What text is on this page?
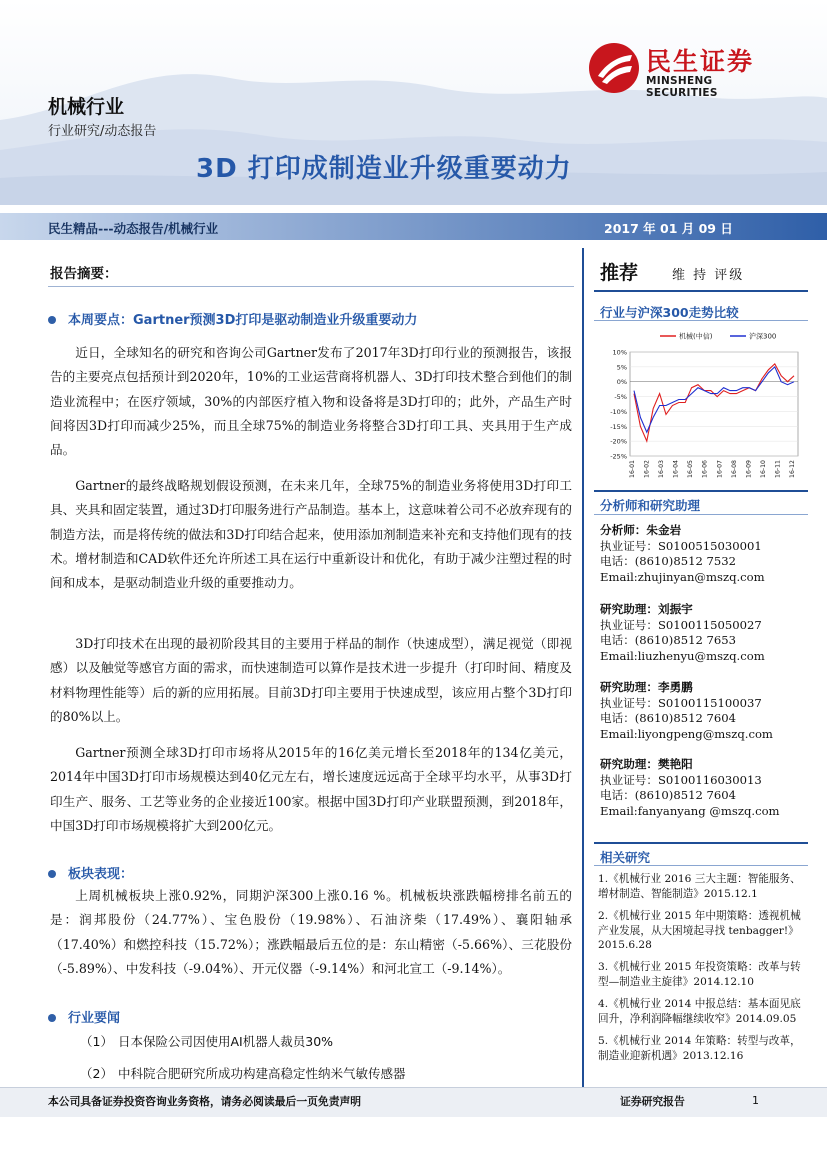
机械行业
行业研究/动态报告
3D 打印成制造业升级重要动力
民生证券
MINSHENG SECURITIES
民生精品---动态报告/机械行业	2017 年 01 月 09 日
报告摘要：
本周要点：Gartner预测3D打印是驱动制造业升级重要动力
近日，全球知名的研究和咨询公司Gartner发布了2017年3D打印行业的预测报告，该报告的主要亮点包括预计到2020年，10%的工业运营商将机器人、3D打印技术整合到他们的制造业流程中；在医疗领域，30%的内部医疗植入物和设备将是3D打印的；此外，产品生产时间将因3D打印而减少25%，而且全球75%的制造业务将整合3D打印工具、夹具用于生产成品。
Gartner的最终战略规划假设预测，在未来几年，全球75%的制造业务将使用3D打印工具、夹具和固定装置，通过3D打印服务进行产品制造。基本上，这意味着公司不必放弃现有的制造方法，而是将传统的做法和3D打印结合起来，使用添加剂制造来补充和支持他们现有的技术。增材制造和CAD软件还允许所述工具在运行中重新设计和优化，有助于减少注塑过程的时间和成本，是驱动制造业升级的重要推动力。
3D打印技术在出现的最初阶段其目的主要用于样品的制作（快速成型），满足视觉（即视感）以及触觉等感官方面的需求，而快速制造可以算作是技术进一步提升（打印时间、精度及材料物理性能等）后的新的应用拓展。目前3D打印主要用于快速成型，该应用占整个3D打印的80%以上。
Gartner预测全球3D打印市场将从2015年的16亿美元增长至2018年的134亿美元，2014年中国3D打印市场规模达到40亿元左右，增长速度远远高于全球平均水平，从事3D打印生产、服务、工艺等业务的企业接近100家。根据中国3D打印产业联盟预测，到2018年，中国3D打印市场规模将扩大到200亿元。
板块表现：
上周机械板块上涨0.92%，同期沪深300上涨0.16 %。机械板块涨跌幅榜排名前五的是：润邦股份（24.77%）、宝色股份（19.98%）、石油济柴（17.49%）、襄阳轴承（17.40%）和燃控科技（15.72%）；涨跌幅最后五位的是：东山精密（-5.66%）、三花股份（-5.89%）、中发科技（-9.04%）、开元仪器（-9.14%）和河北宣工（-9.14%）。
行业要闻
（1） 日本保险公司因使用AI机器人裁员30%
（2） 中科院合肥研究所成功构建高稳定性纳米气敏传感器
推荐	维 持 评级
行业与沪深300走势比较
10%
5%
0%
-5%
-10%
-15%
-20%
-25%
16-01 16-02 16-03 16-04 16-05 16-06 16-07 16-08 16-09 16-10 16-11 16-12
机械(中信)	沪深300
分析师和研究助理
分析师：朱金岩
执业证号：S0100515030001
电话：(8610)8512 7532
Email:zhujinyan@mszq.com
研究助理：刘振宇
执业证号：S0100115050027
电话：(8610)8512 7653
Email:liuzhenyu@mszq.com
研究助理：李勇鹏
执业证号：S0100115100037
电话：(8610)8512 7604
Email:liyongpeng@mszq.com
研究助理：樊艳阳
执业证号：S0100116030013
电话：(8610)8512 7604
Email:fanyanyang @mszq.com
相关研究
1.《机械行业 2016 三大主题：智能服务、增材制造、智能制造》2015.12.1
2.《机械行业 2015 年中期策略：透视机械产业发展，从大困境起寻找 tenbagger!》2015.6.28
3.《机械行业 2015 年投资策略：改革与转型—制造业主旋律》2014.12.10
4.《机械行业 2014 中报总结：基本面见底回升，净利润降幅继续收窄》2014.09.05
5.《机械行业 2014 年策略：转型与改革，制造业迎新机遇》2013.12.16
本公司具备证券投资咨询业务资格，请务必阅读最后一页免责声明	证券研究报告	1
